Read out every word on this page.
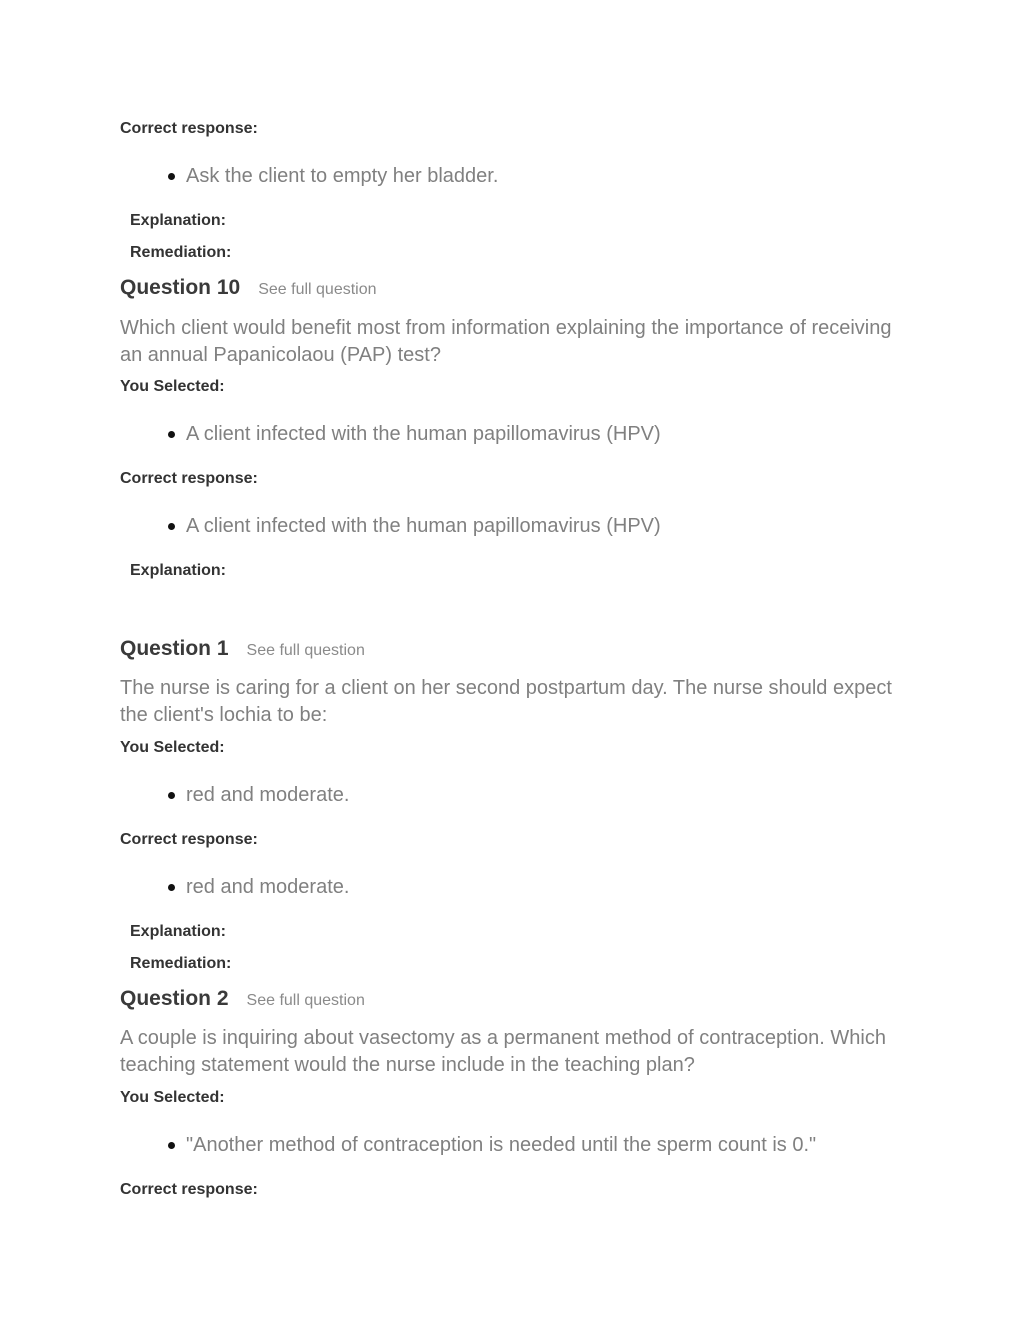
Correct response:
Ask the client to empty her bladder.
Explanation:
Remediation:
Question 10 See full question
Which client would benefit most from information explaining the importance of receiving an annual Papanicolaou (PAP) test?
You Selected:
A client infected with the human papillomavirus (HPV)
Correct response:
A client infected with the human papillomavirus (HPV)
Explanation:
Question 1 See full question
The nurse is caring for a client on her second postpartum day. The nurse should expect the client's lochia to be:
You Selected:
red and moderate.
Correct response:
red and moderate.
Explanation:
Remediation:
Question 2 See full question
A couple is inquiring about vasectomy as a permanent method of contraception. Which teaching statement would the nurse include in the teaching plan?
You Selected:
"Another method of contraception is needed until the sperm count is 0."
Correct response:
